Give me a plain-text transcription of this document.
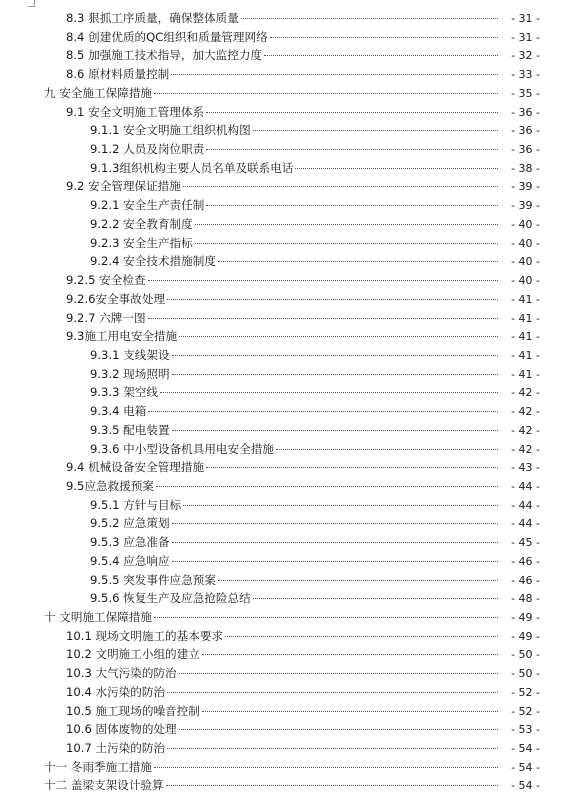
8.3 狠抓工序质量，确保整体质量	- 31 -
8.4 创建优质的QC组织和质量管理网络	- 31 -
8.5 加强施工技术指导，加大监控力度	- 32 -
8.6 原材料质量控制	- 33 -
九 安全施工保障措施	- 35 -
9.1 安全文明施工管理体系	- 36 -
9.1.1 安全文明施工组织机构图	- 36 -
9.1.2 人员及岗位职责	- 36 -
9.1.3组织机构主要人员名单及联系电话	- 38 -
9.2 安全管理保证措施	- 39 -
9.2.1 安全生产责任制	- 39 -
9.2.2 安全教育制度	- 40 -
9.2.3 安全生产指标	- 40 -
9.2.4 安全技术措施制度	- 40 -
9.2.5 安全检查	- 40 -
9.2.6安全事故处理	- 41 -
9.2.7 六牌一图	- 41 -
9.3施工用电安全措施	- 41 -
9.3.1 支线架设	- 41 -
9.3.2 现场照明	- 41 -
9.3.3 架空线	- 42 -
9.3.4 电箱	- 42 -
9.3.5 配电装置	- 42 -
9.3.6 中小型设备机具用电安全措施	- 42 -
9.4 机械设备安全管理措施	- 43 -
9.5应急救援预案	- 44 -
9.5.1 方针与目标	- 44 -
9.5.2 应急策划	- 44 -
9.5.3 应急准备	- 45 -
9.5.4 应急响应	- 46 -
9.5.5 突发事件应急预案	- 46 -
9.5.6 恢复生产及应急抢险总结	- 48 -
十 文明施工保障措施	- 49 -
10.1 现场文明施工的基本要求	- 49 -
10.2 文明施工小组的建立	- 50 -
10.3 大气污染的防治	- 50 -
10.4 水污染的防治	- 52 -
10.5 施工现场的噪音控制	- 52 -
10.6 固体废物的处理	- 53 -
10.7 土污染的防治	- 54 -
十一 冬雨季施工措施	- 54 -
十二 盖梁支架设计验算	- 54 -
